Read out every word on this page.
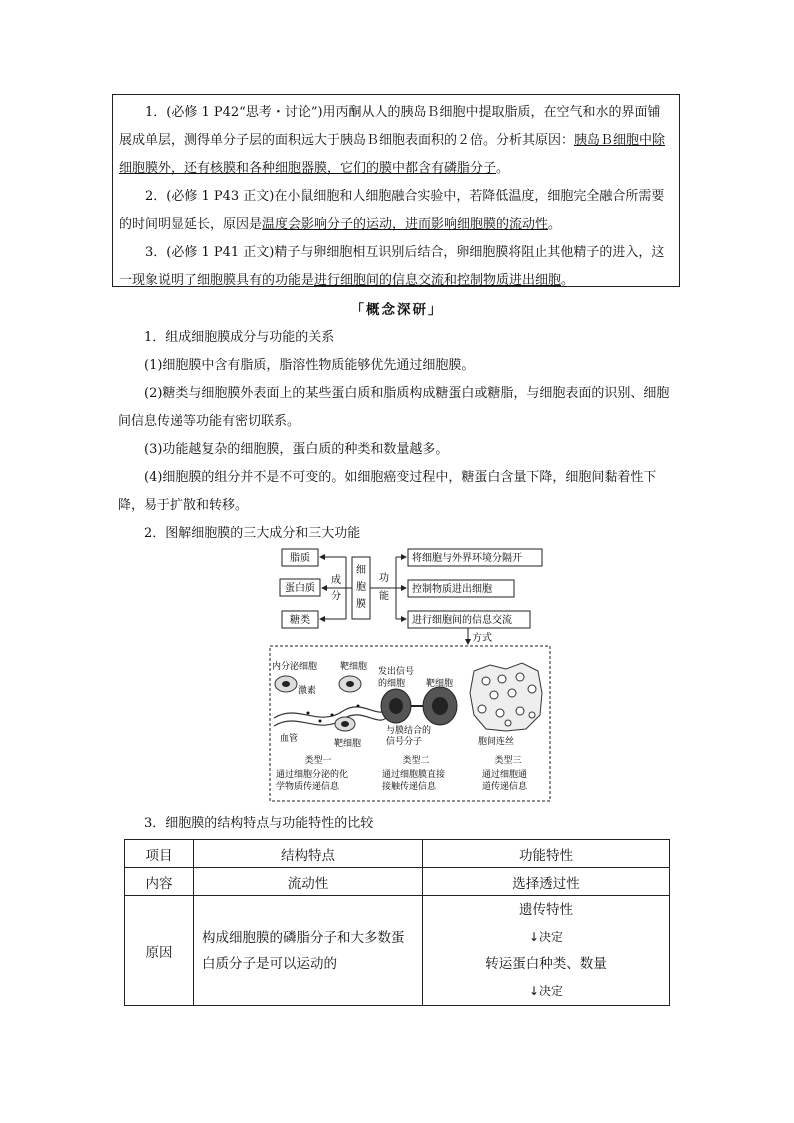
1．(必修 1 P42“思考・讨论”)用丙酮从人的胰岛Ｂ细胞中提取脂质，在空气和水的界面铺展成单层，测得单分子层的面积远大于胰岛Ｂ细胞表面积的２倍。分析其原因：胰岛Ｂ细胞中除细胞膜外，还有核膜和各种细胞器膜，它们的膜中都含有磷脂分子。

2．(必修 1 P43 正文)在小鼠细胞和人细胞融合实验中，若降低温度，细胞完全融合所需要的时间明显延长，原因是温度会影响分子的运动，进而影响细胞膜的流动性。

3．(必修 1 P41 正文)精子与卵细胞相互识别后结合，卵细胞膜将阻止其他精子的进入，这一现象说明了细胞膜具有的功能是进行细胞间的信息交流和控制物质进出细胞。

「概念深研」

1．组成细胞膜成分与功能的关系

(1)细胞膜中含有脂质，脂溶性物质能够优先通过细胞膜。

(2)糖类与细胞膜外表面上的某些蛋白质和脂质构成糖蛋白或糖脂，与细胞表面的识别、细胞间信息传递等功能有密切联系。

(3)功能越复杂的细胞膜，蛋白质的种类和数量越多。

(4)细胞膜的组分并不是不可变的。如细胞癌变过程中，糖蛋白含量下降，细胞间黏着性下降，易于扩散和转移。

2．图解细胞膜的三大成分和三大功能

脂质
蛋白质
糖类
成
分
细
胞
膜
功
能
将细胞与外界环境分隔开
控制物质进出细胞
进行细胞间的信息交流
方式
内分泌细胞	靶细胞
激素
血管	靶细胞
类型一
通过细胞分泌的化
学物质传递信息
发出信号
的细胞 靶细胞
与膜结合的
信号分子
类型二
通过细胞膜直接
接触传递信息
胞间连丝
类型三
通过细胞通
道传递信息

3．细胞膜的结构特点与功能特性的比较

项目	结构特点	功能特性
内容	流动性	选择透过性
原因	构成细胞膜的磷脂分子和大多数蛋白质分子是可以运动的	遗传特性
↓决定
转运蛋白种类、数量
↓决定
